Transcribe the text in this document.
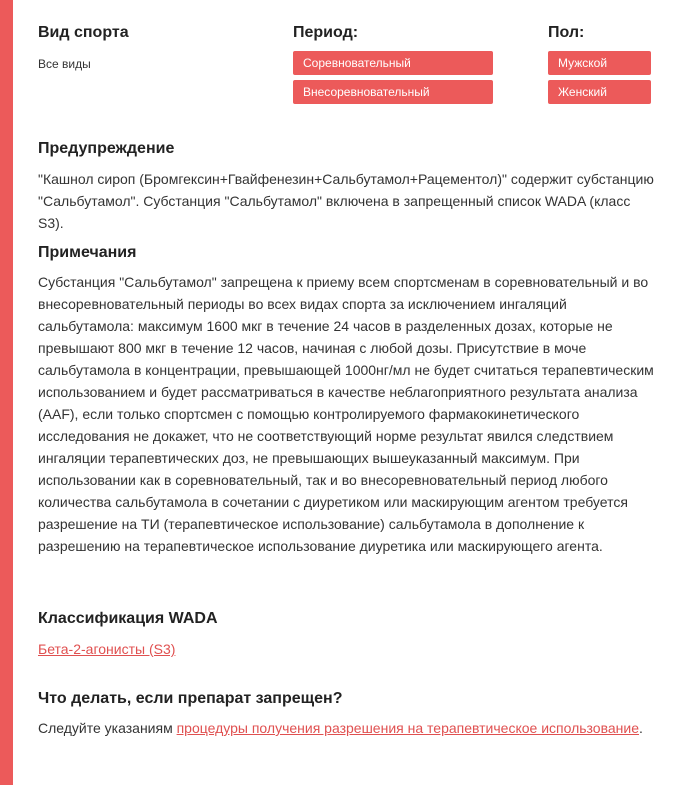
Вид спорта
Все виды
Период:
Соревновательный
Внесоревновательный
Пол:
Мужской
Женский
Предупреждение

"Кашнол сироп (Бромгексин+Гвайфенезин+Сальбутамол+Рацементол)" содержит субстанцию "Сальбутамол". Субстанция "Сальбутамол" включена в запрещенный список WADA (класс S3).

Примечания

Субстанция "Сальбутамол" запрещена к приему всем спортсменам в соревновательный и во внесоревновательный периоды во всех видах спорта за исключением ингаляций сальбутамола: максимум 1600 мкг в течение 24 часов в разделенных дозах, которые не превышают 800 мкг в течение 12 часов, начиная с любой дозы. Присутствие в моче сальбутамола в концентрации, превышающей 1000нг/мл не будет считаться терапевтическим использованием и будет рассматриваться в качестве неблагоприятного результата анализа (AAF), если только спортсмен с помощью контролируемого фармакокинетического исследования не докажет, что не соответствующий норме результат явился следствием ингаляции терапевтических доз, не превышающих вышеуказанный максимум. При использовании как в соревновательный, так и во внесоревновательный период любого количества сальбутамола в сочетании с диуретиком или маскирующим агентом требуется разрешение на ТИ (терапевтическое использование) сальбутамола в дополнение к разрешению на терапевтическое использование диуретика или маскирующего агента.

Классификация WADA
Бета-2-агонисты (S3)
Что делать, если препарат запрещен?

Следуйте указаниям процедуры получения разрешения на терапевтическое использование.
